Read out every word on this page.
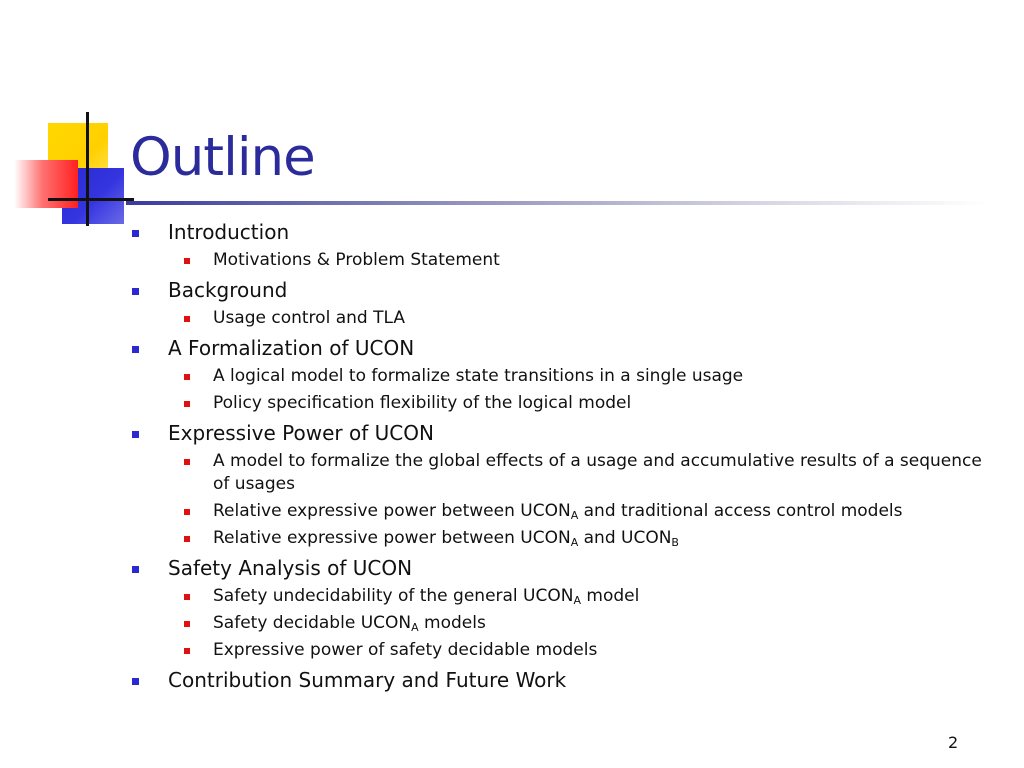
Outline
Introduction
Motivations & Problem Statement
Background
Usage control and TLA
A Formalization of UCON
A logical model to formalize state transitions in a single usage
Policy specification flexibility of the logical model
Expressive Power of UCON
A model to formalize the global effects of a usage and accumulative results of a sequence of usages
Relative expressive power between $UCON_A$ and traditional access control models
Relative expressive power between $UCON_A$ and $UCON_B$
Safety Analysis of UCON
Safety undecidability of the general $UCON_A$ model
Safety decidable $UCON_A$ models
Expressive power of safety decidable models
Contribution Summary and Future Work
2
